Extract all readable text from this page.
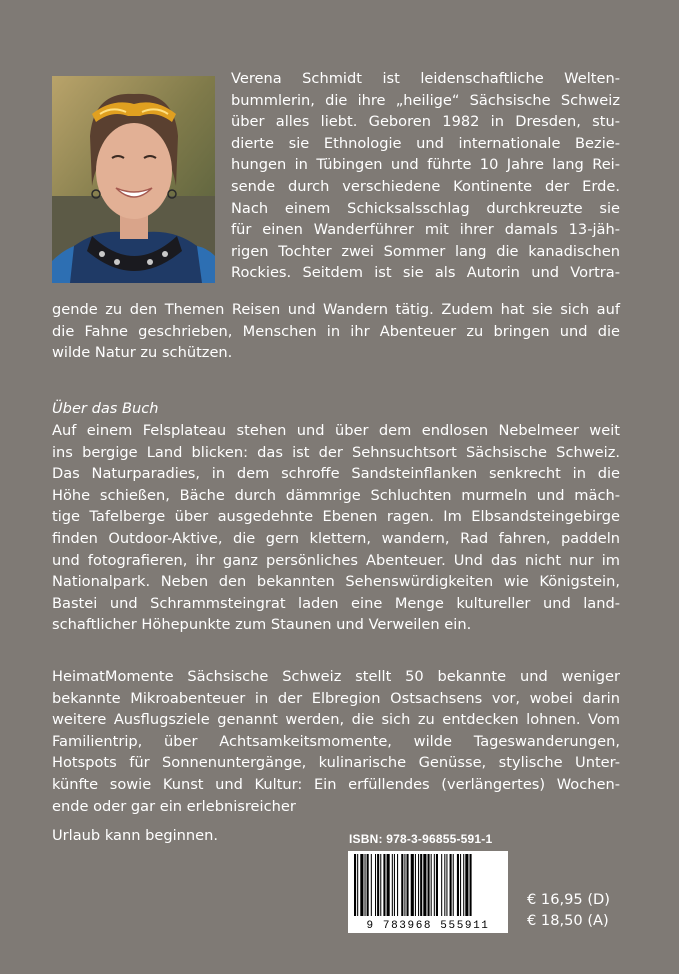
Verena Schmidt ist leidenschaftliche Welten-
bummlerin, die ihre „heilige“ Sächsische Schweiz
über alles liebt. Geboren 1982 in Dresden, stu-
dierte sie Ethnologie und internationale Bezie-
hungen in Tübingen und führte 10 Jahre lang Rei-
sende durch verschiedene Kontinente der Erde.
Nach einem Schicksalsschlag durchkreuzte sie
für einen Wanderführer mit ihrer damals 13-jäh-
rigen Tochter zwei Sommer lang die kanadischen
Rockies. Seitdem ist sie als Autorin und Vortra-
gende zu den Themen Reisen und Wandern tätig. Zudem hat sie sich auf
die Fahne geschrieben, Menschen in ihr Abenteuer zu bringen und die
wilde Natur zu schützen.
Über das Buch
Auf einem Felsplateau stehen und über dem endlosen Nebelmeer weit
ins bergige Land blicken: das ist der Sehnsuchtsort Sächsische Schweiz.
Das Naturparadies, in dem schroffe Sandsteinflanken senkrecht in die
Höhe schießen, Bäche durch dämmrige Schluchten murmeln und mäch-
tige Tafelberge über ausgedehnte Ebenen ragen. Im Elbsandsteingebirge
finden Outdoor-Aktive, die gern klettern, wandern, Rad fahren, paddeln
und fotografieren, ihr ganz persönliches Abenteuer. Und das nicht nur im
Nationalpark. Neben den bekannten Sehenswürdigkeiten wie Königstein,
Bastei und Schrammsteingrat laden eine Menge kultureller und land-
schaftlicher Höhepunkte zum Staunen und Verweilen ein.
HeimatMomente Sächsische Schweiz stellt 50 bekannte und weniger
bekannte Mikroabenteuer in der Elbregion Ostsachsens vor, wobei darin
weitere Ausflugsziele genannt werden, die sich zu entdecken lohnen. Vom
Familientrip, über Achtsamkeitsmomente, wilde Tageswanderungen,
Hotspots für Sonnenuntergänge, kulinarische Genüsse, stylische Unter-
künfte sowie Kunst und Kultur: Ein erfüllendes (verlängertes) Wochen-
ende oder gar ein erlebnisreicher
Urlaub kann beginnen.	ISBN: 978-3-96855-591-1
9 783968 555911
€ 16,95 (D)
€ 18,50 (A)
